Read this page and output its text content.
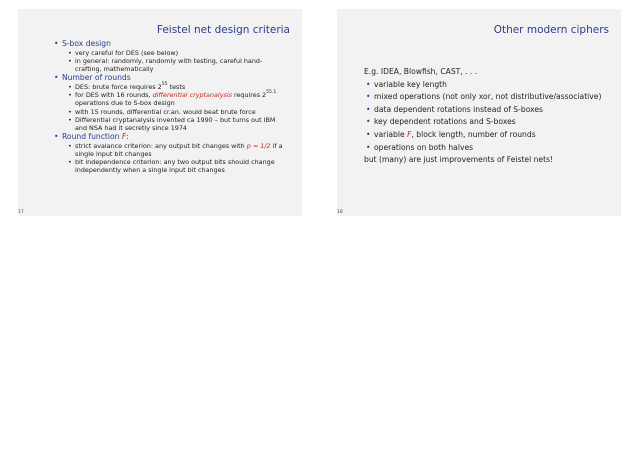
Feistel net design criteria
• S-box design
• very careful for DES (see below)
• in general: randomly, randomly with testing, careful hand-crafting, mathematically
• Number of rounds
• DES: brute force requires $2^{55}$ tests
• for DES with 16 rounds, differential cryptanalysis requires $2^{55.1}$ operations due to S-box design
• with 15 rounds, differential cr.an. would beat brute force
• Differential cryptanalysis invented ca 1990 – but turns out IBM and NSA had it secretly since 1974
• Round function F:
• strict avalance criterion: any output bit changes with p = 1/2 if a single input bit changes
• bit independence criterion: any two output bits should change independently when a single input bit changes
17
Other modern ciphers
E.g. IDEA, Blowfish, CAST, . . .
• variable key length
• mixed operations (not only xor, not distributive/associative)
• data dependent rotations instead of S-boxes
• key dependent rotations and S-boxes
• variable F, block length, number of rounds
• operations on both halves
but (many) are just improvements of Feistel nets!
18
